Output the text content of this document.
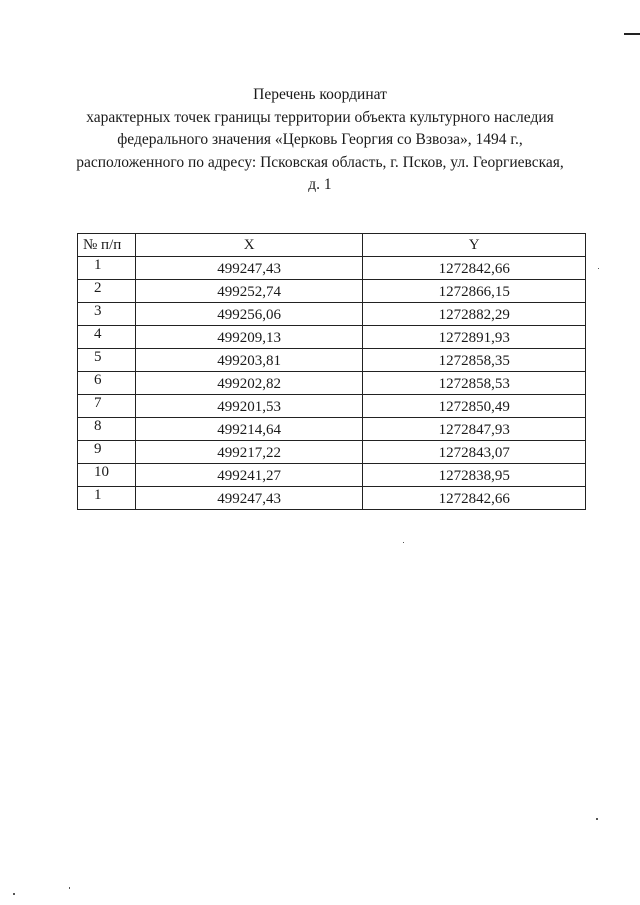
Перечень координат
характерных точек границы территории объекта культурного наследия
федерального значения «Церковь Георгия со Взвоза», 1494 г.,
расположенного по адресу: Псковская область, г. Псков, ул. Георгиевская,
д. 1
№ п/п	X	Y
1	499247,43	1272842,66
2	499252,74	1272866,15
3	499256,06	1272882,29
4	499209,13	1272891,93
5	499203,81	1272858,35
6	499202,82	1272858,53
7	499201,53	1272850,49
8	499214,64	1272847,93
9	499217,22	1272843,07
10	499241,27	1272838,95
1	499247,43	1272842,66
